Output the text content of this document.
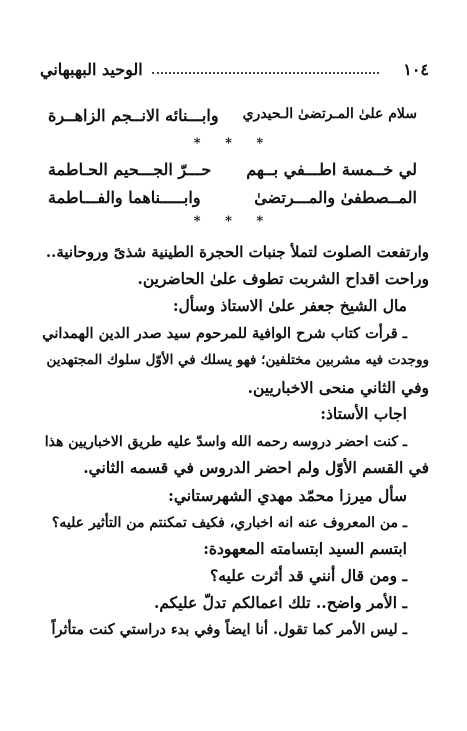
١٠٤
الوحيد البهبهاني
سلام علىٰ المـرتضىٰ الـحيدري
وابـــنائه الانــجم الزاهــرة
* * *
لي خــمسة اطـــفي بــهم
حـــرّ الجـــحيم الحـاطمة
المــصطفىٰ والمـــرتضىٰ
وابـــــناهما والفـــاطمة
* * *
وارتفعت الصلوت لتملأ جنبات الحجرة الطينية شذىً وروحانية..
وراحت اقداح الشربت تطوف علىٰ الحاضرين.
مال الشيخ جعفر علىٰ الاستاذ وسأل:
ـ قرأت كتاب شرح الوافية للمرحوم سيد صدر الدين الهمداني
ووجدت فيه مشربين مختلفين؛ فهو يسلك في الأوّل سلوك المجتهدين
وفي الثاني منحى الاخباريين.
اجاب الأستاذ:
ـ كنت احضر دروسه رحمه الله واسدّ عليه طريق الاخباريين هذا
في القسم الأوّل ولم احضر الدروس في قسمه الثاني.
سأل ميرزا محمّد مهدي الشهرستاني:
ـ من المعروف عنه انه اخباري، فكيف تمكنتم من التأثير عليه؟
ابتسم السيد ابتسامته المعهودة:
ـ ومن قال أنني قد أثرت عليه؟
ـ الأمر واضح.. تلك اعمالكم تدلّ عليكم.
ـ ليس الأمر كما تقول. أنا ايضاً وفي بدء دراستي كنت متأثراً
